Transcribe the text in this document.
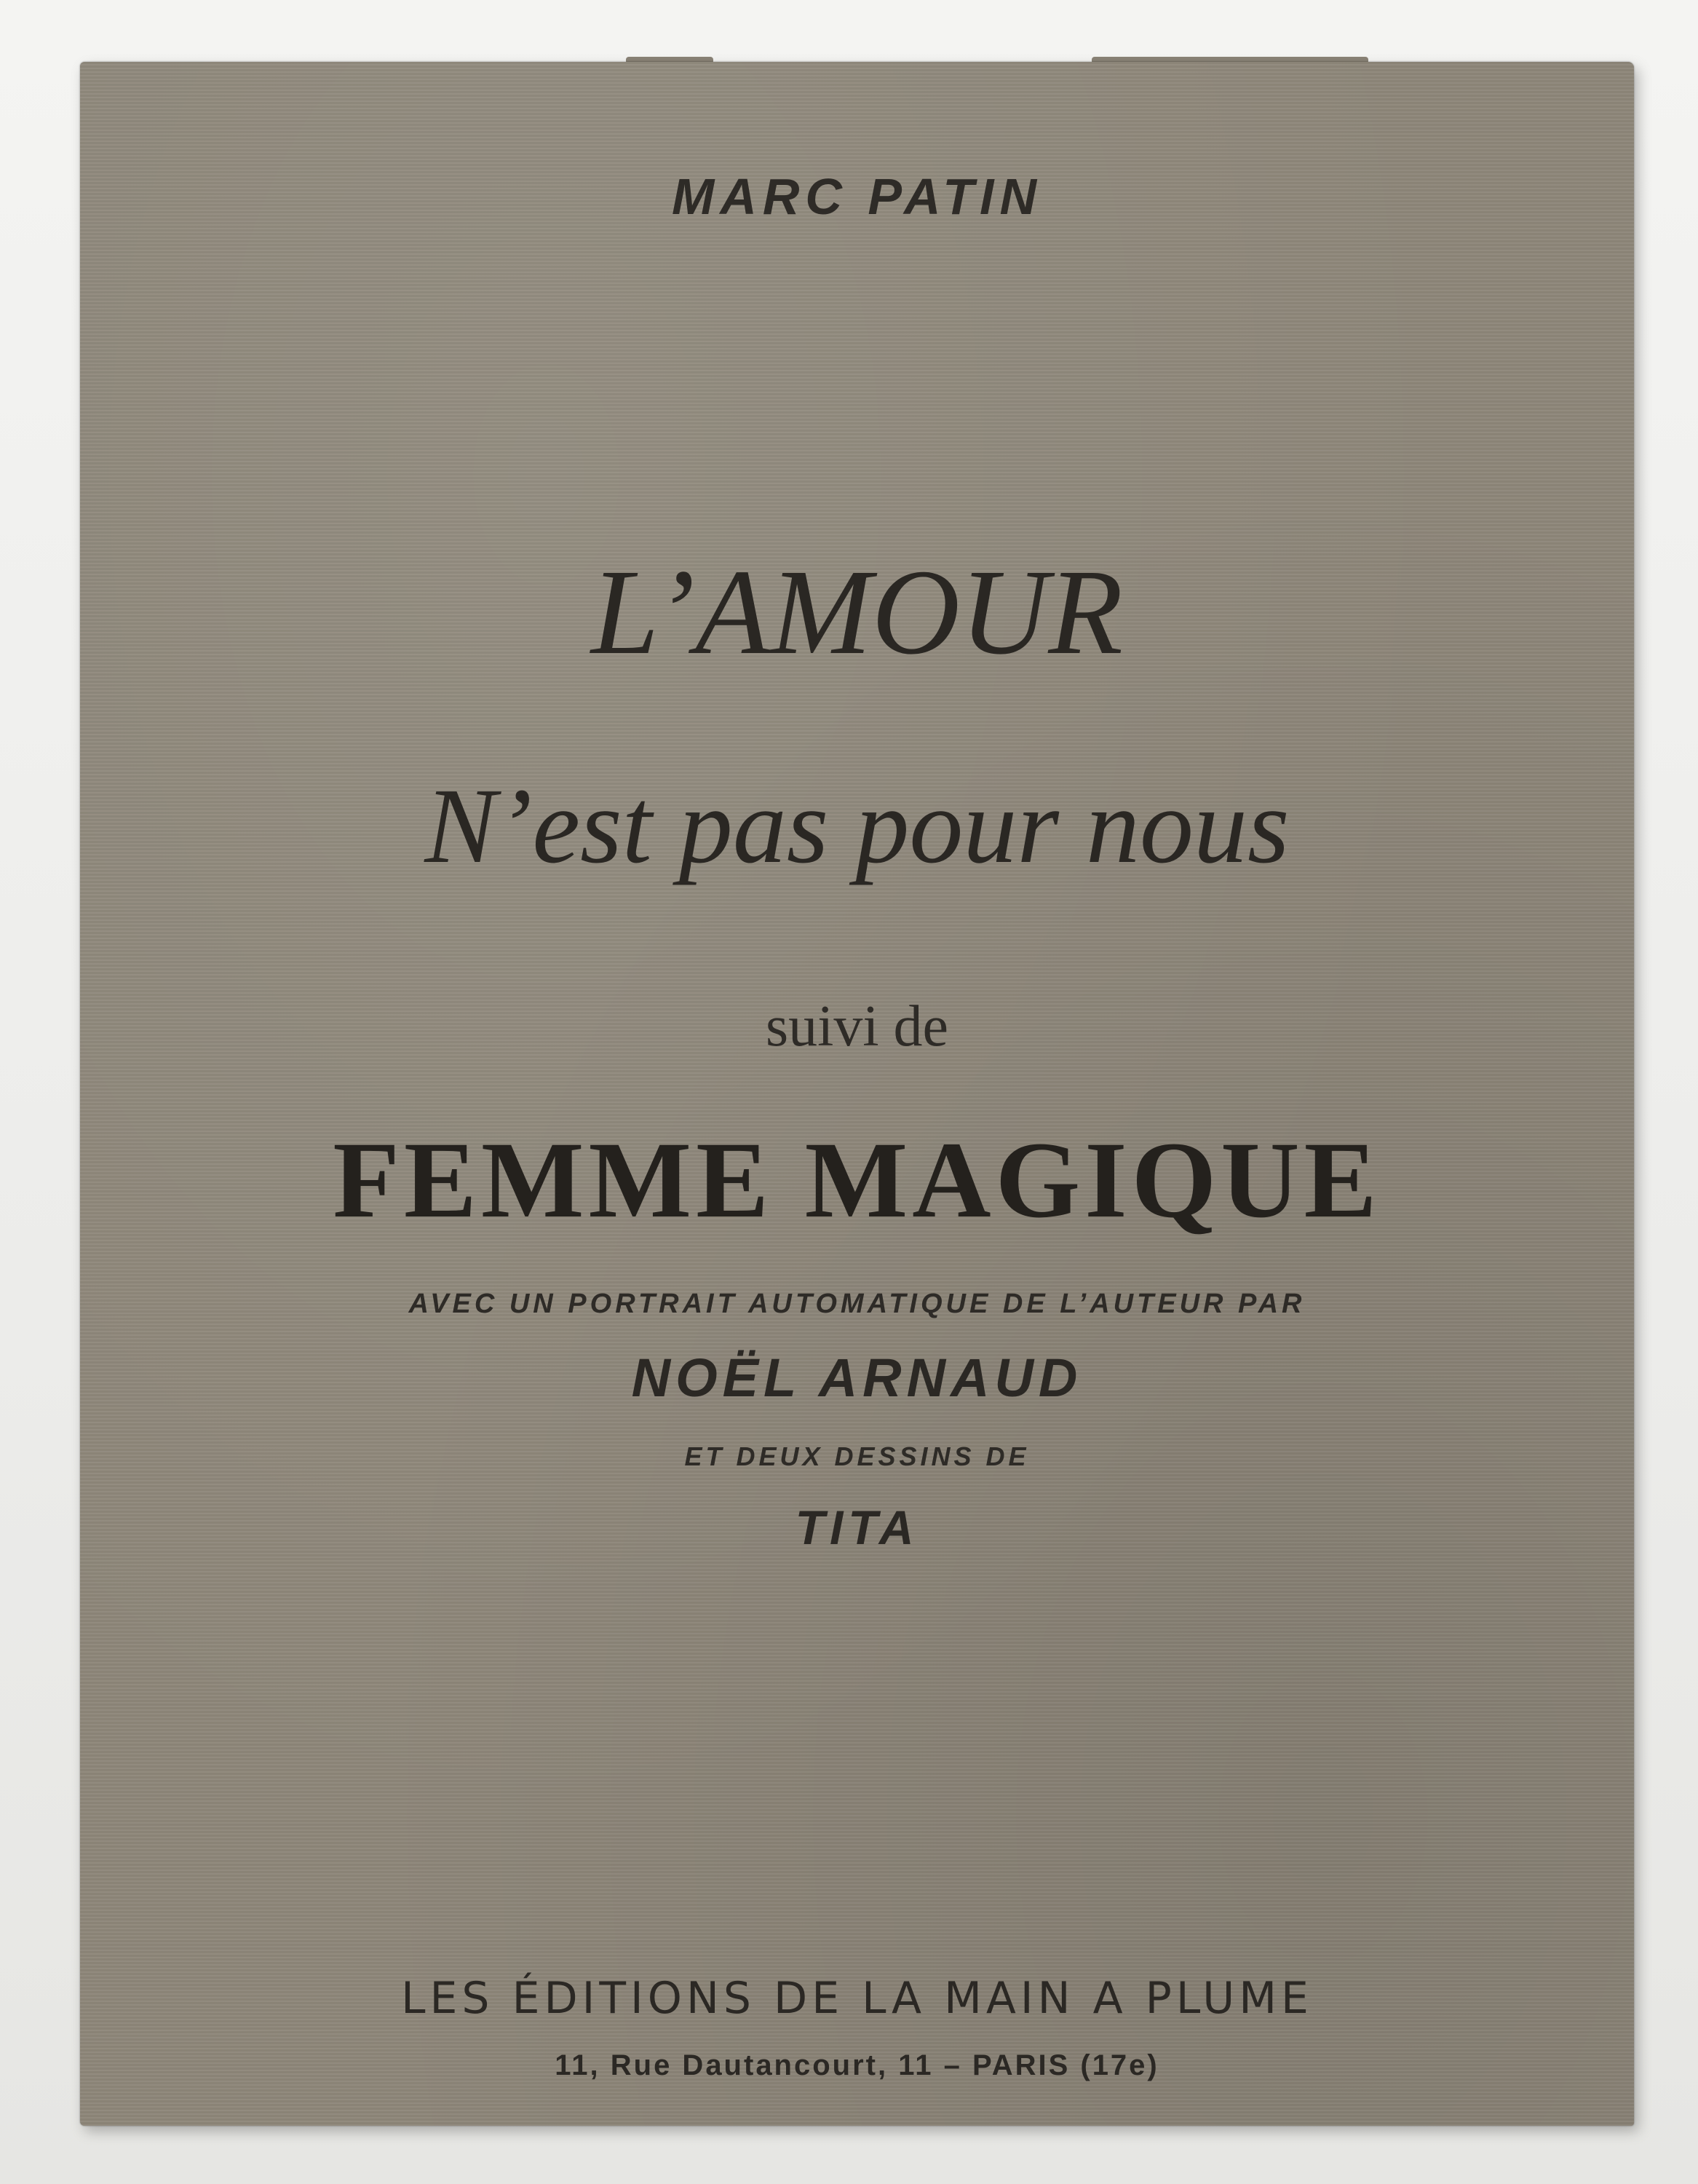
MARC PATIN

L’AMOUR

N’est pas pour nous

suivi de

FEMME MAGIQUE

AVEC UN PORTRAIT AUTOMATIQUE DE L’AUTEUR PAR

NOËL ARNAUD

ET DEUX DESSINS DE

TITA

LES ÉDITIONS DE LA MAIN A PLUME

11, Rue Dautancourt, 11 – PARIS (17e)
